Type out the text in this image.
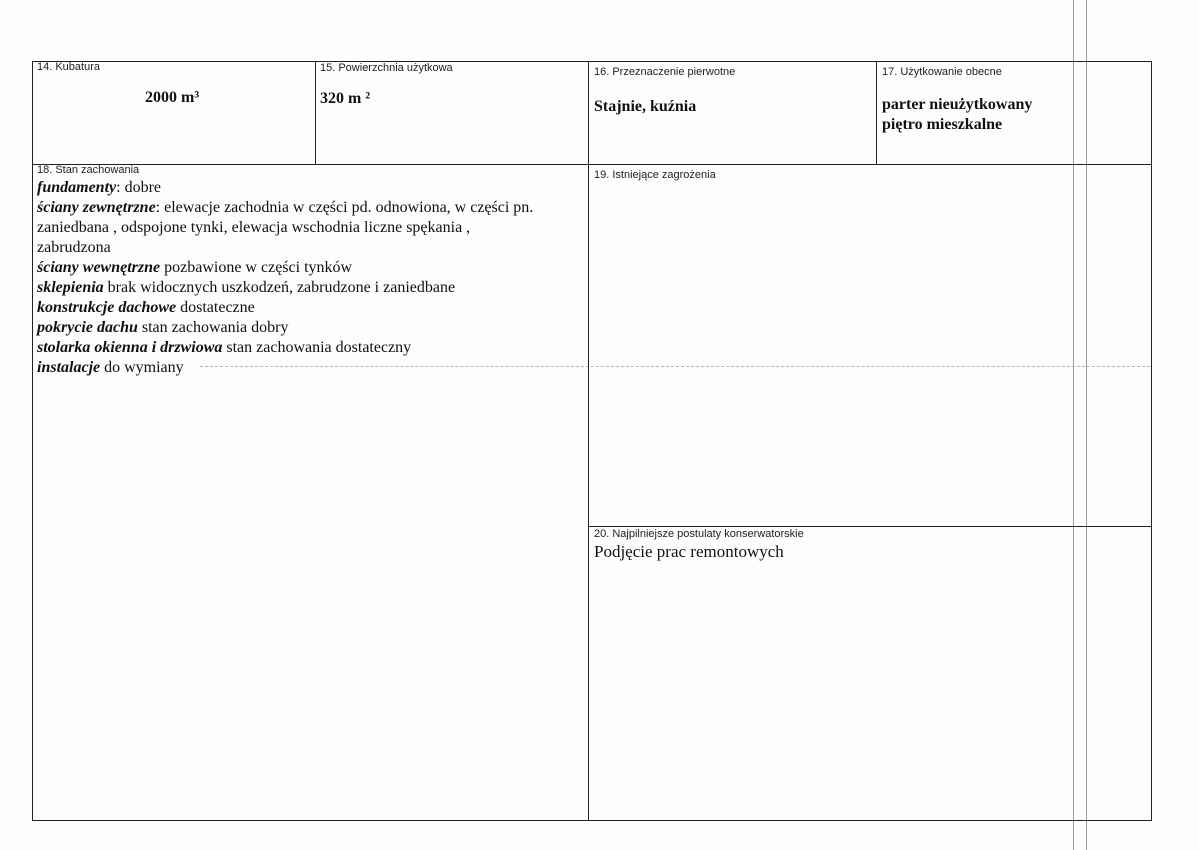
14. Kubatura
2000 m³
15. Powierzchnia użytkowa
320 m ²
16. Przeznaczenie pierwotne
Stajnie, kuźnia
17. Użytkowanie obecne
parter nieużytkowany
piętro mieszkalne
18. Stan zachowania
fundamenty: dobre
ściany zewnętrzne: elewacje zachodnia w części pd. odnowiona, w części pn.
zaniedbana , odspojone tynki, elewacja wschodnia liczne spękania ,
zabrudzona
ściany wewnętrzne pozbawione w części tynków
sklepienia brak widocznych uszkodzeń, zabrudzone i zaniedbane
konstrukcje dachowe dostateczne
pokrycie dachu stan zachowania dobry
stolarka okienna i drzwiowa stan zachowania dostateczny
instalacje do wymiany
19. Istniejące zagrożenia
20. Najpilniejsze postulaty konserwatorskie
Podjęcie prac remontowych
